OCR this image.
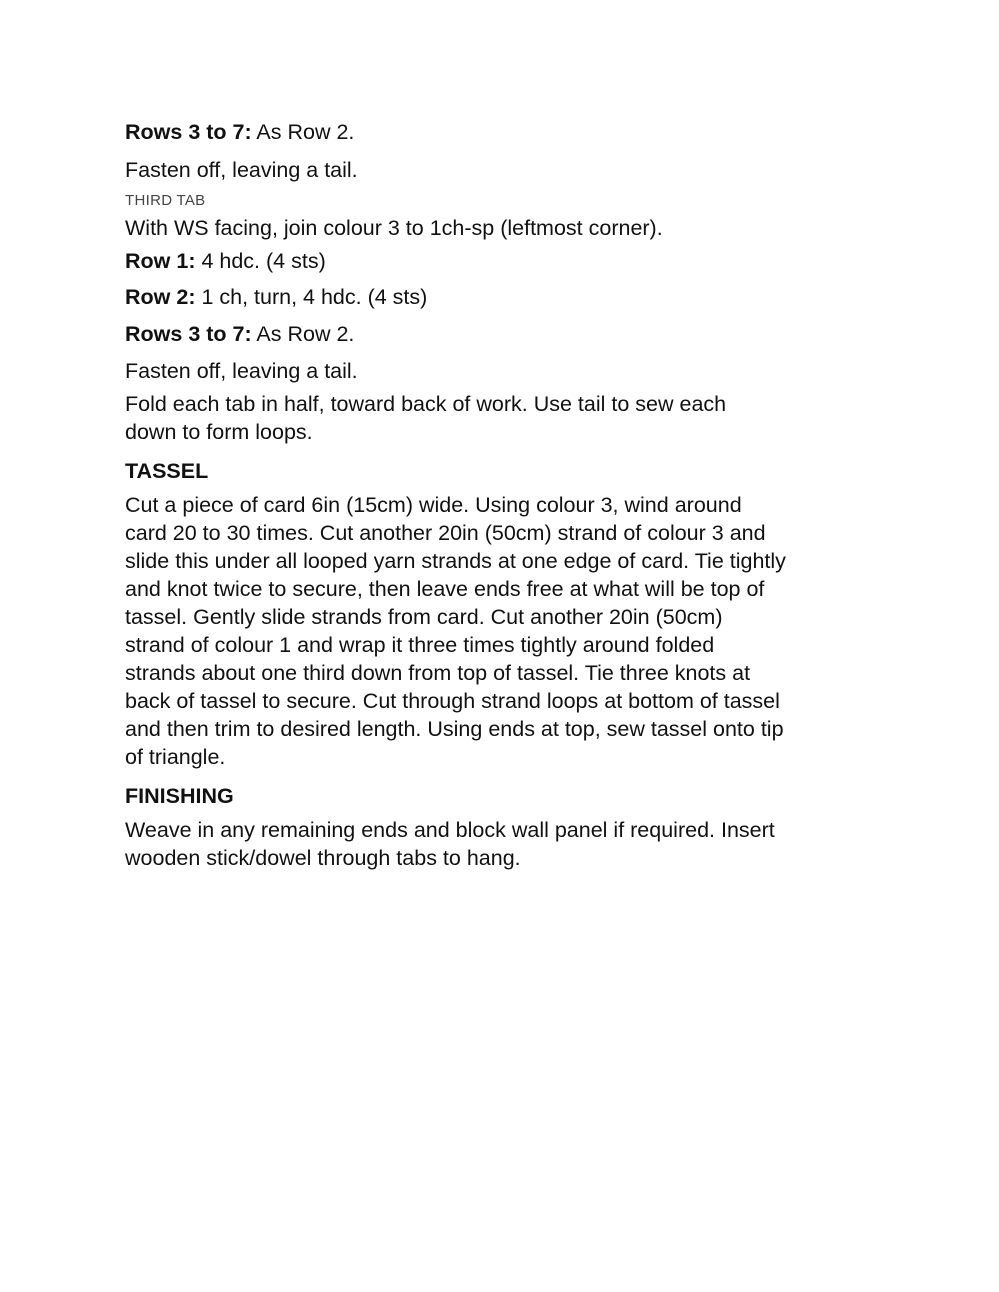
Rows 3 to 7: As Row 2.

Fasten off, leaving a tail.

THIRD TAB

With WS facing, join colour 3 to 1ch-sp (leftmost corner).

Row 1: 4 hdc. (4 sts)

Row 2: 1 ch, turn, 4 hdc. (4 sts)

Rows 3 to 7: As Row 2.

Fasten off, leaving a tail.

Fold each tab in half, toward back of work. Use tail to sew each

down to form loops.

TASSEL

Cut a piece of card 6in (15cm) wide. Using colour 3, wind around

card 20 to 30 times. Cut another 20in (50cm) strand of colour 3 and

slide this under all looped yarn strands at one edge of card. Tie tightly

and knot twice to secure, then leave ends free at what will be top of

tassel. Gently slide strands from card. Cut another 20in (50cm)

strand of colour 1 and wrap it three times tightly around folded

strands about one third down from top of tassel. Tie three knots at

back of tassel to secure. Cut through strand loops at bottom of tassel

and then trim to desired length. Using ends at top, sew tassel onto tip

of triangle.

FINISHING

Weave in any remaining ends and block wall panel if required. Insert

wooden stick/dowel through tabs to hang.
